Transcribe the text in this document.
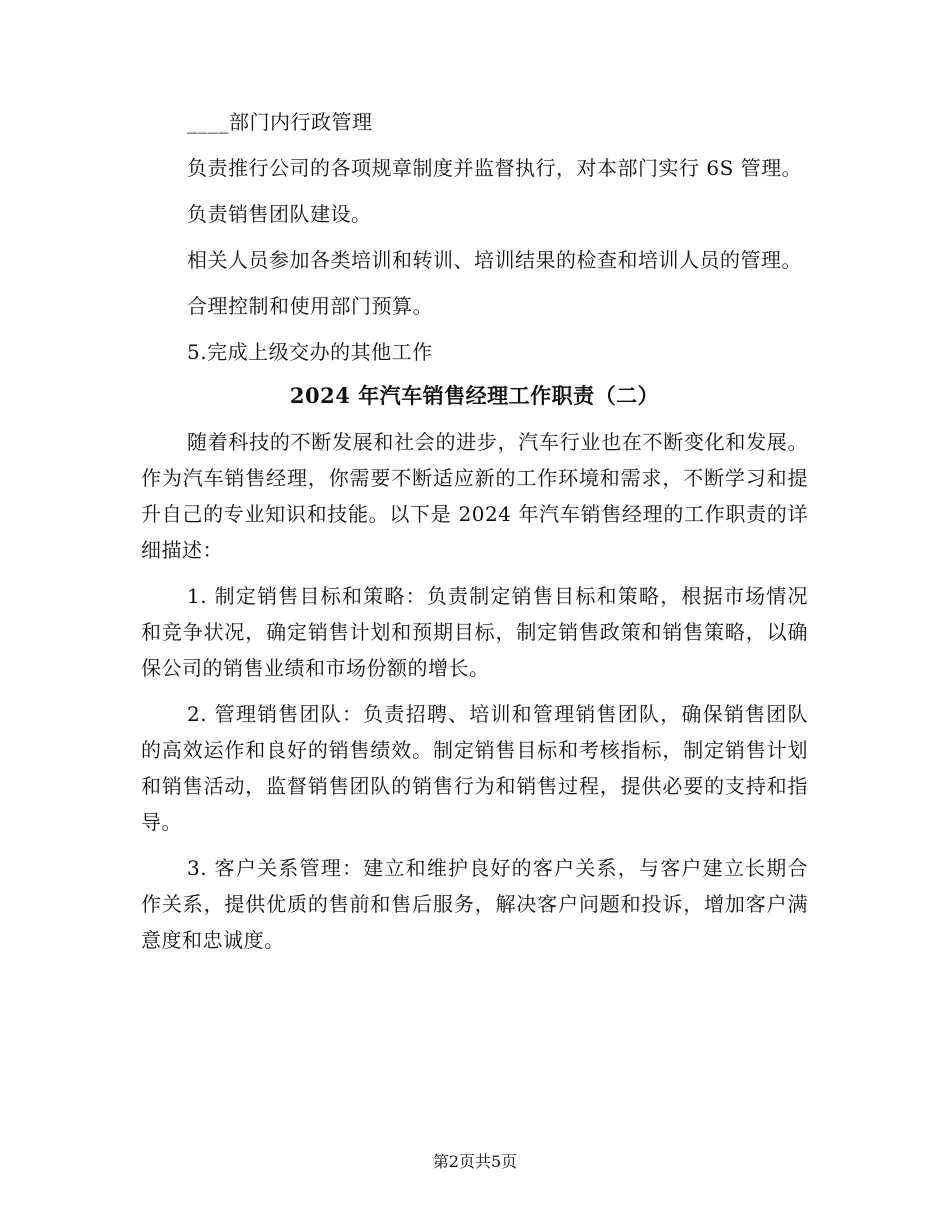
____部门内行政管理

负责推行公司的各项规章制度并监督执行，对本部门实行 6S 管理。

负责销售团队建设。

相关人员参加各类培训和转训、培训结果的检查和培训人员的管理。

合理控制和使用部门预算。

5.完成上级交办的其他工作

2024 年汽车销售经理工作职责（二）

随着科技的不断发展和社会的进步，汽车行业也在不断变化和发展。作为汽车销售经理，你需要不断适应新的工作环境和需求，不断学习和提升自己的专业知识和技能。以下是 2024 年汽车销售经理的工作职责的详细描述：

1. 制定销售目标和策略：负责制定销售目标和策略，根据市场情况和竞争状况，确定销售计划和预期目标，制定销售政策和销售策略，以确保公司的销售业绩和市场份额的增长。

2. 管理销售团队：负责招聘、培训和管理销售团队，确保销售团队的高效运作和良好的销售绩效。制定销售目标和考核指标，制定销售计划和销售活动，监督销售团队的销售行为和销售过程，提供必要的支持和指导。

3. 客户关系管理：建立和维护良好的客户关系，与客户建立长期合作关系，提供优质的售前和售后服务，解决客户问题和投诉，增加客户满意度和忠诚度。

第2页共5页
